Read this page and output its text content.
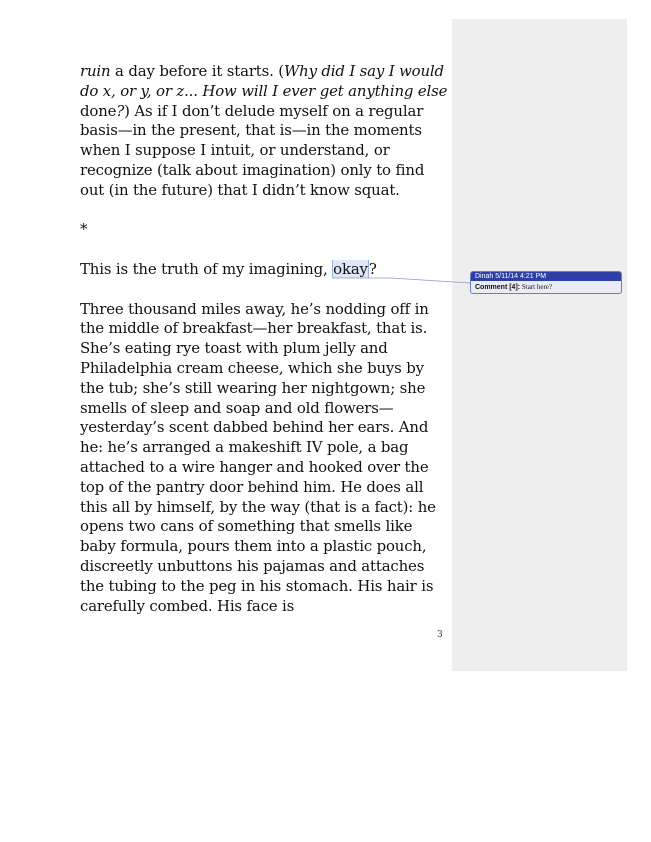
ruin a day before it starts. (Why did I say I would do x, or y, or z... How will I ever get anything else done?) As if I don’t delude myself on a regular basis—in the present, that is—in the moments when I suppose I intuit, or understand, or recognize (talk about imagination) only to find out (in the future) that I didn’t know squat.

*

This is the truth of my imagining, okay?

Three thousand miles away, he’s nodding off in the middle of breakfast—her breakfast, that is. She’s eating rye toast with plum jelly and Philadelphia cream cheese, which she buys by the tub; she’s still wearing her nightgown; she smells of sleep and soap and old flowers—yesterday’s scent dabbed behind her ears. And he: he’s arranged a makeshift IV pole, a bag attached to a wire hanger and hooked over the top of the pantry door behind him. He does all this all by himself, by the way (that is a fact): he opens two cans of something that smells like baby formula, pours them into a plastic pouch, discreetly unbuttons his pajamas and attaches the tubing to the peg in his stomach. His hair is carefully combed. His face is

3
Dinah 5/11/14 4:21 PM
Comment [4]: Start here?
